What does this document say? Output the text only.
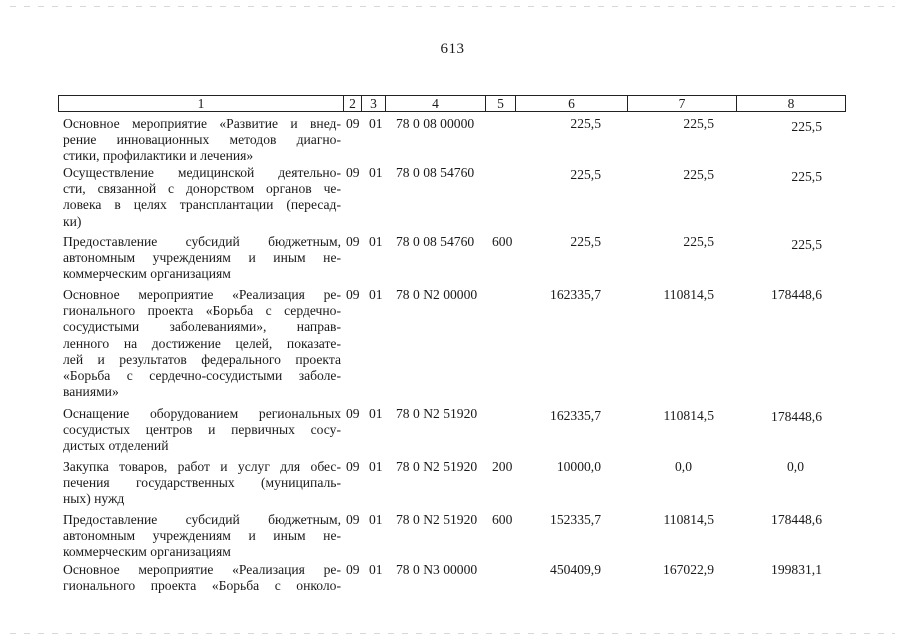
613
1	2	3	4	5	6	7	8
Основное мероприятие «Развитие и внед-
рение инновационных методов диагно-
стики, профилактики и лечения»
09 01 78 0 08 00000	225,5	225,5	225,5
Осуществление медицинской деятельно-
сти, связанной с донорством органов че-
ловека в целях трансплантации (пересад-
ки)
09 01 78 0 08 54760	225,5	225,5	225,5
Предоставление субсидий бюджетным,
автономным учреждениям и иным не-
коммерческим организациям
09 01 78 0 08 54760 600	225,5	225,5	225,5
Основное мероприятие «Реализация ре-
гионального проекта «Борьба с сердечно-
сосудистыми заболеваниями», направ-
ленного на достижение целей, показате-
лей и результатов федерального проекта
«Борьба с сердечно-сосудистыми заболе-
ваниями»
09 01 78 0 N2 00000	162335,7	110814,5	178448,6
Оснащение оборудованием региональных
сосудистых центров и первичных сосу-
дистых отделений
09 01 78 0 N2 51920	162335,7	110814,5	178448,6
Закупка товаров, работ и услуг для обес-
печения государственных (муниципаль-
ных) нужд
09 01 78 0 N2 51920 200	10000,0	0,0	0,0
Предоставление субсидий бюджетным,
автономным учреждениям и иным не-
коммерческим организациям
09 01 78 0 N2 51920 600	152335,7	110814,5	178448,6
Основное мероприятие «Реализация ре-
гионального проекта «Борьба с онколо-
09 01 78 0 N3 00000	450409,9	167022,9	199831,1
